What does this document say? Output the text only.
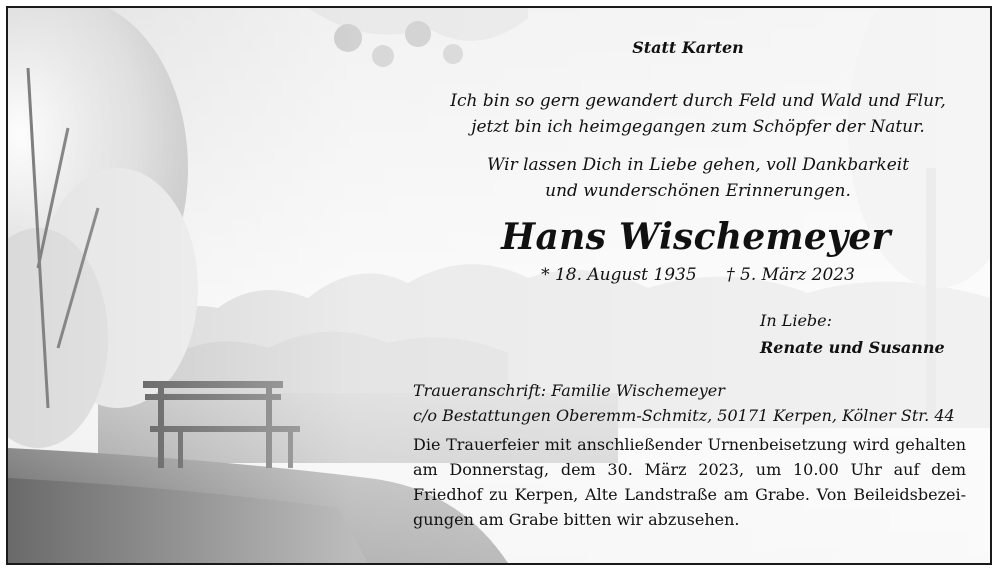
Statt Karten
Ich bin so gern gewandert durch Feld und Wald und Flur,
jetzt bin ich heimgegangen zum Schöpfer der Natur.
Wir lassen Dich in Liebe gehen, voll Dankbarkeit
und wunderschönen Erinnerungen.
Hans Wischemeyer
* 18. August 1935 † 5. März 2023
In Liebe:
Renate und Susanne
Traueranschrift: Familie Wischemeyer
c/o Bestattungen Oberemm-Schmitz, 50171 Kerpen, Kölner Str. 44
Die Trauerfeier mit anschließender Urnenbeisetzung wird gehalten
am Donnerstag, dem 30. März 2023, um 10.00 Uhr auf dem
Friedhof zu Kerpen, Alte Landstraße am Grabe. Von Beileidsbezei-
gungen am Grabe bitten wir abzusehen.
